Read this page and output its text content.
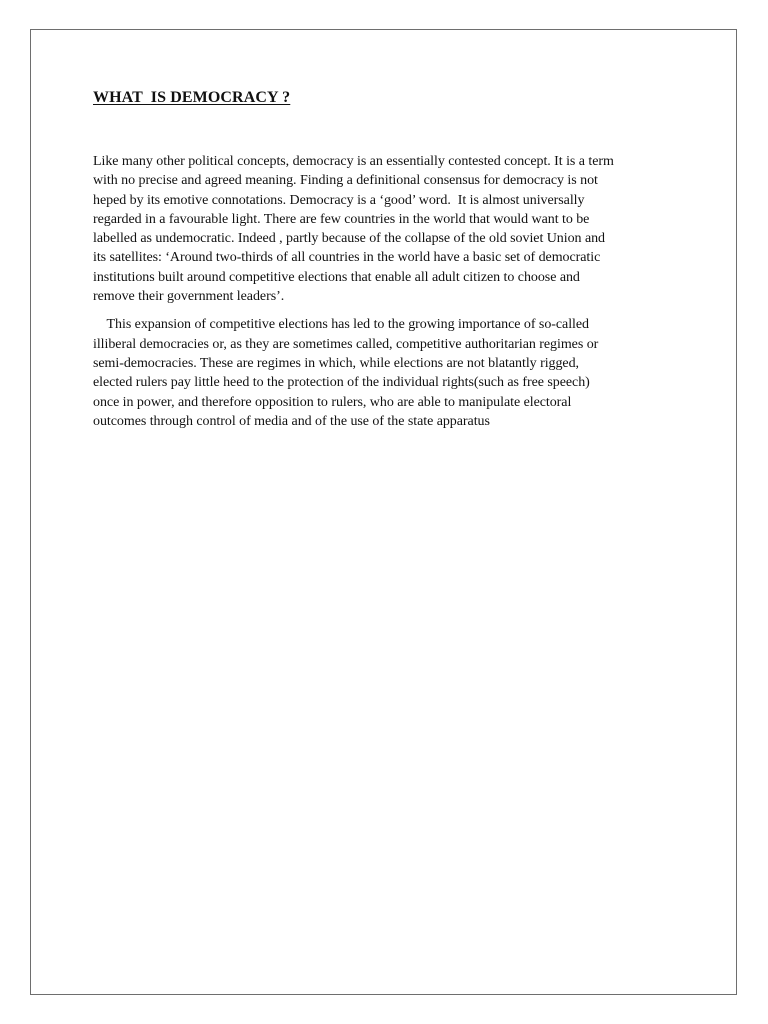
WHAT  IS DEMOCRACY ?

Like many other political concepts, democracy is an essentially contested concept. It is a term
with no precise and agreed meaning. Finding a definitional consensus for democracy is not
heped by its emotive connotations. Democracy is a ‘good’ word.  It is almost universally
regarded in a favourable light. There are few countries in the world that would want to be
labelled as undemocratic. Indeed , partly because of the collapse of the old soviet Union and
its satellites: ‘Around two-thirds of all countries in the world have a basic set of democratic
institutions built around competitive elections that enable all adult citizen to choose and
remove their government leaders’.

This expansion of competitive elections has led to the growing importance of so-called
illiberal democracies or, as they are sometimes called, competitive authoritarian regimes or
semi-democracies. These are regimes in which, while elections are not blatantly rigged,
elected rulers pay little heed to the protection of the individual rights(such as free speech)
once in power, and therefore opposition to rulers, who are able to manipulate electoral
outcomes through control of media and of the use of the state apparatus
